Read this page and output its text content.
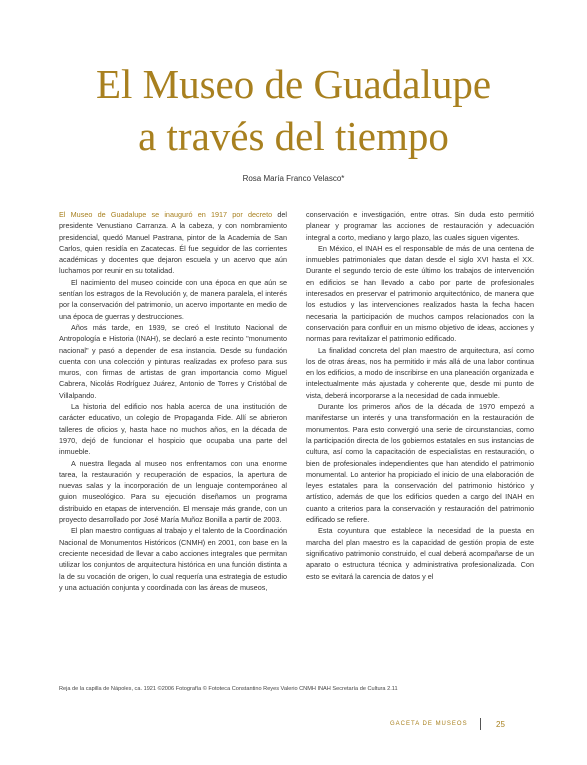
El Museo de Guadalupe
a través del tiempo
Rosa María Franco Velasco*

El Museo de Guadalupe se inauguró en 1917 por decreto del presidente Venustiano Carranza. A la cabeza, y con nombramiento presidencial, quedó Manuel Pastrana, pintor de la Academia de San Carlos, quien residía en Zacatecas. Él fue seguidor de las corrientes académicas y docentes que dejaron escuela y un acervo que aún luchamos por reunir en su totalidad.

El nacimiento del museo coincide con una época en que aún se sentían los estragos de la Revolución y, de manera paralela, el interés por la conservación del patrimonio, un acervo importante en medio de una época de guerras y destrucciones.

Años más tarde, en 1939, se creó el Instituto Nacional de Antropología e Historia (INAH), se declaró a este recinto "monumento nacional" y pasó a depender de esa instancia. Desde su fundación cuenta con una colección y pinturas realizadas ex profeso para sus muros, con firmas de artistas de gran importancia como Miguel Cabrera, Nicolás Rodríguez Juárez, Antonio de Torres y Cristóbal de Villalpando.

La historia del edificio nos habla acerca de una institución de carácter educativo, un colegio de Propaganda Fide. Allí se abrieron talleres de oficios y, hasta hace no muchos años, en la década de 1970, dejó de funcionar el hospicio que ocupaba una parte del inmueble.

A nuestra llegada al museo nos enfrentamos con una enorme tarea, la restauración y recuperación de espacios, la apertura de nuevas salas y la incorporación de un lenguaje contemporáneo al guion museológico. Para su ejecución diseñamos un programa distribuido en etapas de intervención. El mensaje más grande, con un proyecto desarrollado por José María Muñoz Bonilla a partir de 2003.

El plan maestro contiguas al trabajo y el talento de la Coordinación Nacional de Monumentos Históricos (CNMH) en 2001, con base en la creciente necesidad de llevar a cabo acciones integrales que permitan utilizar los conjuntos de arquitectura histórica en una función distinta a la de su vocación de origen, lo cual requería una estrategia de estudio y una actuación conjunta y coordinada con las áreas de museos,

conservación e investigación, entre otras. Sin duda esto permitió planear y programar las acciones de restauración y adecuación integral a corto, mediano y largo plazo, las cuales siguen vigentes.

En México, el INAH es el responsable de más de una centena de inmuebles patrimoniales que datan desde el siglo XVI hasta el XX. Durante el segundo tercio de este último los trabajos de intervención en edificios se han llevado a cabo por parte de profesionales interesados en preservar el patrimonio arquitectónico, de manera que los estudios y las intervenciones realizados hasta la fecha hacen necesaria la participación de muchos campos relacionados con la conservación para confluir en un mismo objetivo de ideas, acciones y normas para revitalizar el patrimonio edificado.

La finalidad concreta del plan maestro de arquitectura, así como los de otras áreas, nos ha permitido ir más allá de una labor continua en los edificios, a modo de inscribirse en una planeación organizada e intelectualmente más ajustada y coherente que, desde mi punto de vista, deberá incorporarse a la necesidad de cada inmueble.

Durante los primeros años de la década de 1970 empezó a manifestarse un interés y una transformación en la restauración de monumentos. Para esto convergió una serie de circunstancias, como la participación directa de los gobiernos estatales en sus instancias de cultura, así como la capacitación de especialistas en restauración, o bien de profesionales independientes que han atendido el patrimonio monumental. Lo anterior ha propiciado el inicio de una elaboración de leyes estatales para la conservación del patrimonio histórico y artístico, además de que los edificios queden a cargo del INAH en cuanto a criterios para la conservación y restauración del patrimonio edificado se refiere.

Esta coyuntura que establece la necesidad de la puesta en marcha del plan maestro es la capacidad de gestión propia de este significativo patrimonio construido, el cual deberá acompañarse de un aparato o estructura técnica y administrativa profesionalizada. Con esto se evitará la carencia de datos y el

Reja de la capilla de Nápoles, ca. 1921 ©2006 Fotografía © Fototeca Constantino Reyes Valerio CNMH INAH Secretaría de Cultura 2.11
GACETA DE MUSEOS	25
